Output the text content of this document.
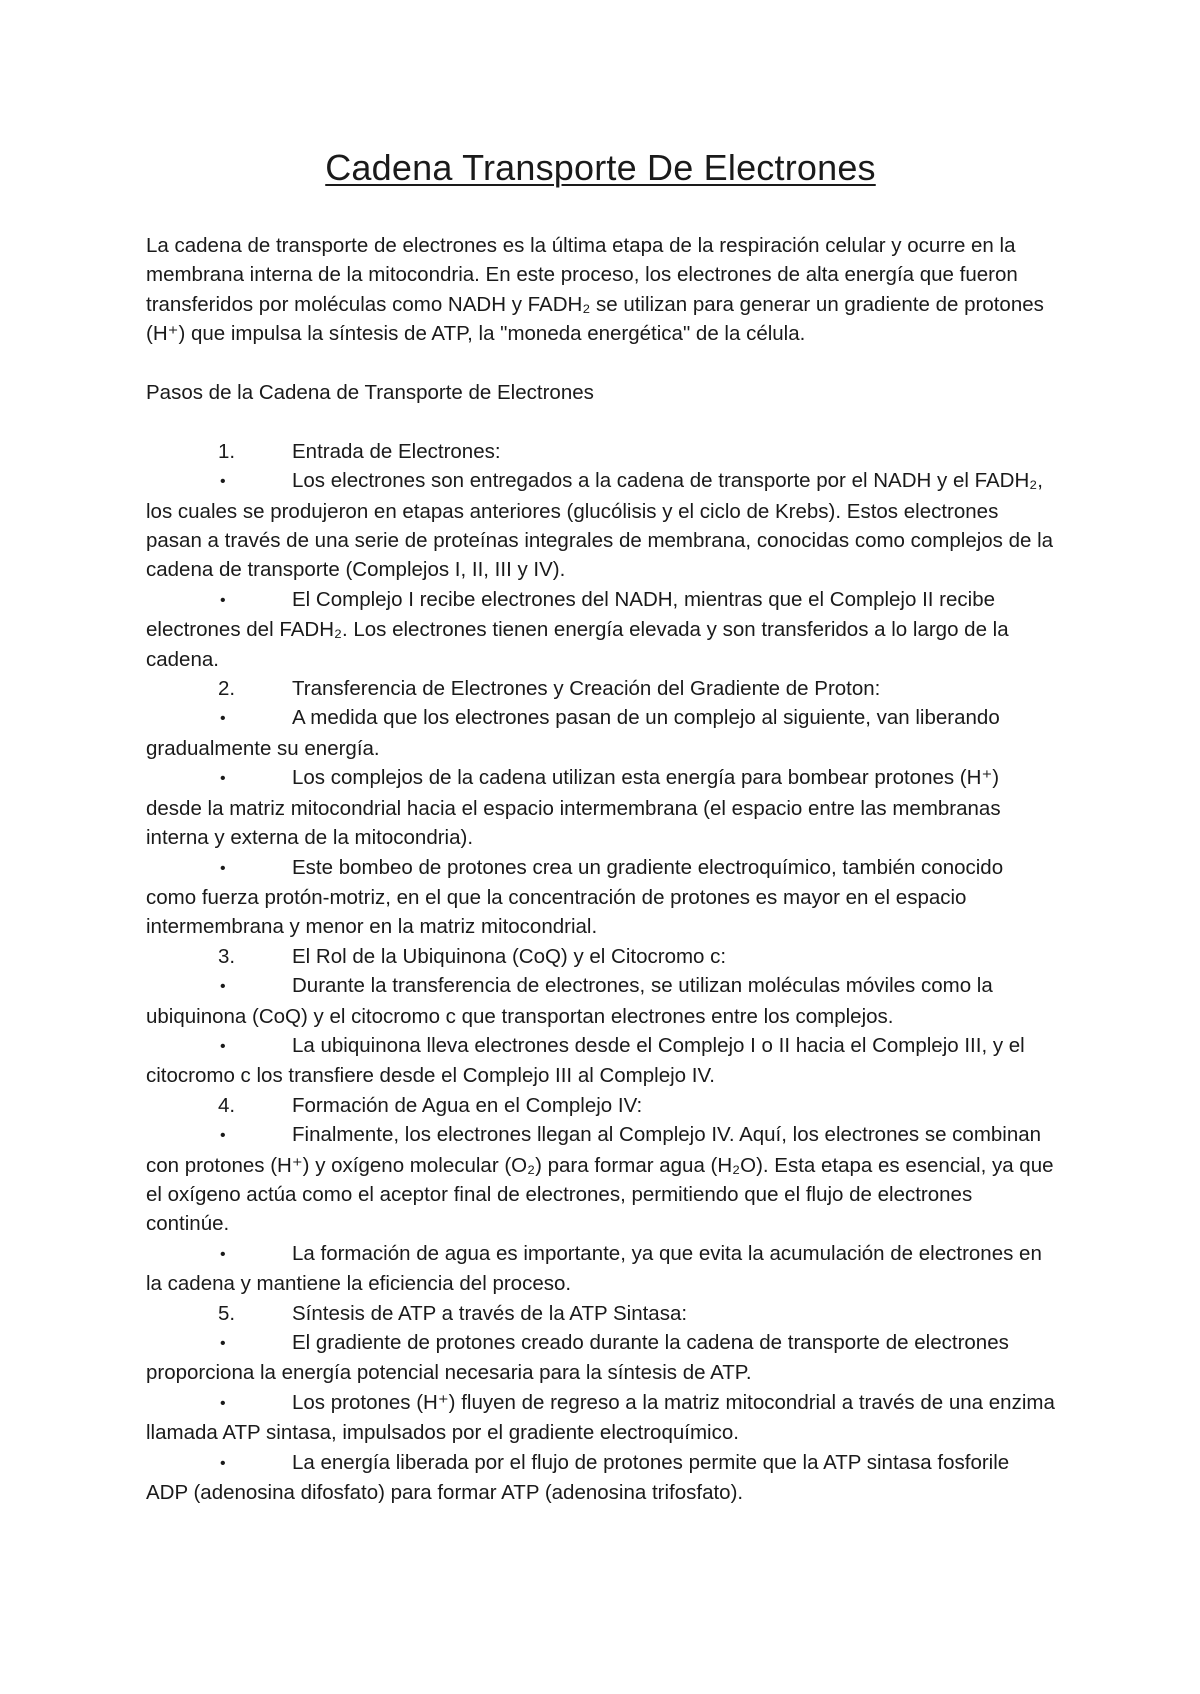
Cadena Transporte De Electrones

La cadena de transporte de electrones es la última etapa de la respiración celular y ocurre en la membrana interna de la mitocondria. En este proceso, los electrones de alta energía que fueron transferidos por moléculas como NADH y FADH₂ se utilizan para generar un gradiente de protones (H⁺) que impulsa la síntesis de ATP, la "moneda energética" de la célula.

Pasos de la Cadena de Transporte de Electrones

1.	Entrada de Electrones:

•	Los electrones son entregados a la cadena de transporte por el NADH y el FADH₂, los cuales se produjeron en etapas anteriores (glucólisis y el ciclo de Krebs). Estos electrones pasan a través de una serie de proteínas integrales de membrana, conocidas como complejos de la cadena de transporte (Complejos I, II, III y IV).

•	El Complejo I recibe electrones del NADH, mientras que el Complejo II recibe electrones del FADH₂. Los electrones tienen energía elevada y son transferidos a lo largo de la cadena.

2.	Transferencia de Electrones y Creación del Gradiente de Proton:

•	A medida que los electrones pasan de un complejo al siguiente, van liberando gradualmente su energía.

•	Los complejos de la cadena utilizan esta energía para bombear protones (H⁺) desde la matriz mitocondrial hacia el espacio intermembrana (el espacio entre las membranas interna y externa de la mitocondria).

•	Este bombeo de protones crea un gradiente electroquímico, también conocido como fuerza protón-motriz, en el que la concentración de protones es mayor en el espacio intermembrana y menor en la matriz mitocondrial.

3.	El Rol de la Ubiquinona (CoQ) y el Citocromo c:

•	Durante la transferencia de electrones, se utilizan moléculas móviles como la ubiquinona (CoQ) y el citocromo c que transportan electrones entre los complejos.

•	La ubiquinona lleva electrones desde el Complejo I o II hacia el Complejo III, y el citocromo c los transfiere desde el Complejo III al Complejo IV.

4.	Formación de Agua en el Complejo IV:

•	Finalmente, los electrones llegan al Complejo IV. Aquí, los electrones se combinan con protones (H⁺) y oxígeno molecular (O₂) para formar agua (H₂O). Esta etapa es esencial, ya que el oxígeno actúa como el aceptor final de electrones, permitiendo que el flujo de electrones continúe.

•	La formación de agua es importante, ya que evita la acumulación de electrones en la cadena y mantiene la eficiencia del proceso.

5.	Síntesis de ATP a través de la ATP Sintasa:

•	El gradiente de protones creado durante la cadena de transporte de electrones proporciona la energía potencial necesaria para la síntesis de ATP.

•	Los protones (H⁺) fluyen de regreso a la matriz mitocondrial a través de una enzima llamada ATP sintasa, impulsados por el gradiente electroquímico.

•	La energía liberada por el flujo de protones permite que la ATP sintasa fosforile ADP (adenosina difosfato) para formar ATP (adenosina trifosfato).
